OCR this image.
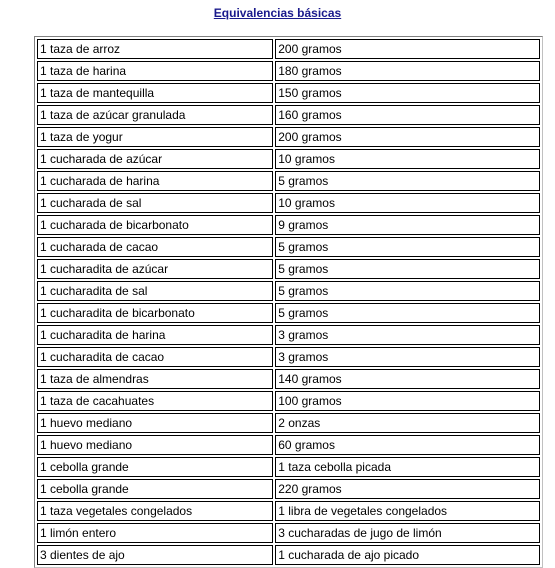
Equivalencias básicas
1 taza de arroz	200 gramos
1 taza de harina	180 gramos
1 taza de mantequilla	150 gramos
1 taza de azúcar granulada	160 gramos
1 taza de yogur	200 gramos
1 cucharada de azúcar	10 gramos
1 cucharada de harina	5 gramos
1 cucharada de sal	10 gramos
1 cucharada de bicarbonato	9 gramos
1 cucharada de cacao	5 gramos
1 cucharadita de azúcar	5 gramos
1 cucharadita de sal	5 gramos
1 cucharadita de bicarbonato	5 gramos
1 cucharadita de harina	3 gramos
1 cucharadita de cacao	3 gramos
1 taza de almendras	140 gramos
1 taza de cacahuates	100 gramos
1 huevo mediano	2 onzas
1 huevo mediano	60 gramos
1 cebolla grande	1 taza cebolla picada
1 cebolla grande	220 gramos
1 taza vegetales congelados	1 libra de vegetales congelados
1 limón entero	3 cucharadas de jugo de limón
3 dientes de ajo	1 cucharada de ajo picado
